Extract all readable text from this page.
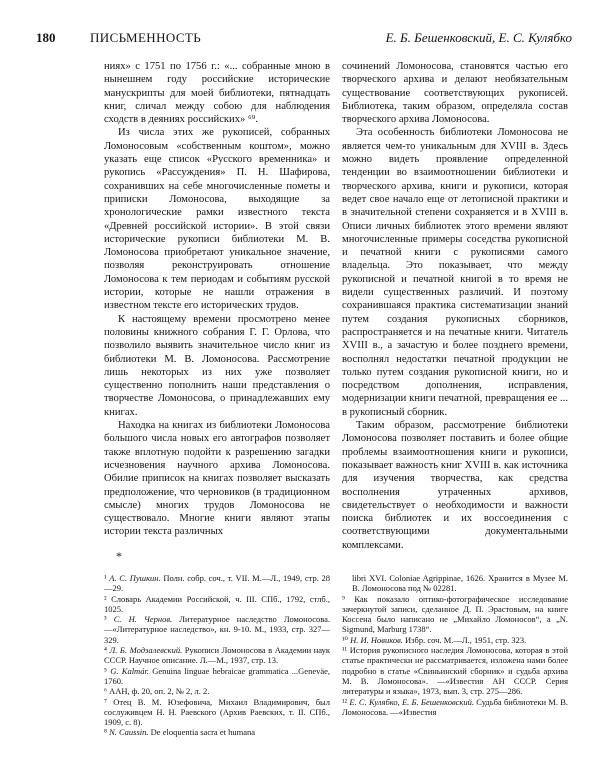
180	ПИСЬМЕННОСТЬ	Е. Б. Бешенковский, Е. С. Кулябко

ниях» с 1751 по 1756 г.: «... собранные мною в нынешнем году российские исторические манускрипты для моей библиотеки, пятнадцать книг, сличал между собою для наблюдения сходств в деяниях российских» ⁶⁹.

Из числа этих же рукописей, собранных Ломоносовым «собственным коштом», можно указать еще список «Русского временника» и рукопись «Рассуждения» П. Н. Шафирова, сохранивших на себе многочисленные пометы и приписки Ломоносова, выходящие за хронологические рамки известного текста «Древней российской истории». В этой связи исторические рукописи библиотеки М. В. Ломоносова приобретают уникальное значение, позволяя реконструировать отношение Ломоносова к тем периодам и событиям русской истории, которые не нашли отражения в известном тексте его исторических трудов.

К настоящему времени просмотрено менее половины книжного собрания Г. Г. Орлова, что позволило выявить значительное число книг из библиотеки М. В. Ломоносова. Рассмотрение лишь некоторых из них уже позволяет существенно пополнить наши представления о творчестве Ломоносова, о принадлежавших ему книгах.

Находка на книгах из библиотеки Ломоносова большого числа новых его автографов позволяет также вплотную подойти к разрешению загадки исчезновения научного архива Ломоносова. Обилие приписок на книгах позволяет высказать предположение, что черновиков (в традиционном смысле) многих трудов Ломоносова не существовало. Многие книги являют этапы истории текста различных

сочинений Ломоносова, становятся частью его творческого архива и делают необязательным существование соответствующих рукописей. Библиотека, таким образом, определяла состав творческого архива Ломоносова.

Эта особенность библиотеки Ломоносова не является чем-то уникальным для XVIII в. Здесь можно видеть проявление определенной тенденции во взаимоотношении библиотеки и творческого архива, книги и рукописи, которая ведет свое начало еще от летописной практики и в значительной степени сохраняется и в XVIII в. Описи личных библиотек этого времени являют многочисленные примеры соседства рукописной и печатной книги с рукописями самого владельца. Это показывает, что между рукописной и печатной книгой в то время не видели существенных различий. И поэтому сохранившаяся практика систематизации знаний путем создания рукописных сборников, распространяется и на печатные книги. Читатель XVIII в., а зачастую и более позднего времени, восполнял недостатки печатной продукции не только путем создания рукописной книги, но и посредством дополнения, исправления, модернизации книги печатной, превращения ее ... в рукописный сборник.

Таким образом, рассмотрение библиотеки Ломоносова позволяет поставить и более общие проблемы взаимоотношения книги и рукописи, показывает важность книг XVIII в. как источника для изучения творчества, как средства восполнения утраченных архивов, свидетельствует о необходимости и важности поиска библиотек и их воссоединения с соответствующими документальными комплексами.

*
¹ А. С. Пушкин. Полн. собр. соч., т. VII. М.—Л., 1949, стр. 28—29.
² Словарь Академии Российской, ч. III. СПб., 1792, стлб., 1025.
³ С. Н. Чернов. Литературное наследство Ломоносова. —«Литературное наследство», кн. 9-10. М., 1933, стр. 327—329.
⁴ Л. Б. Модзалевский. Рукописи Ломоносова в Академии наук СССР. Научное описание. Л.—М., 1937, стр. 13.
⁵ G. Kalmár. Genuina linguae hebraicae grammatica ...Geneväe, 1760.
⁶ ААН, ф. 20, оп. 2, № 2, л. 2.
⁷ Отец В. М. Юзефовича, Михаил Владимирович, был сослуживцем Н. Н. Раевского (Архив Раевских, т. II. СПб., 1909, с. 8).
⁸ N. Caussin. De eloquentia sacra et humana
libri XVI. Coloniae Agrippinae, 1626. Хранится в Музее М. В. Ломоносова под № 02281.
⁹ Как показало оптико-фотографическое исследование зачеркнутой записи, сделанное Д. П. Эрастовым, на книге Коссена было написано не „Михайло Ломоносов“, а „N. Sigmund, Marburg 1738“.
¹⁰ Н. И. Новиков. Избр. соч. М.—Л., 1951, стр. 323.
¹¹ История рукописного наследия Ломоносова, которая в этой статье практически не рассматривается, изложена нами более подробно в статье «Свиньинский сборник» и судьба архива М. В. Ломоносова». —«Известия АН СССР. Серия литературы и языка», 1973, вып. 3, стр. 275—286.
¹² Е. С. Кулябко, Е. Б. Бешенковский. Судьба библиотеки М. В. Ломоносова. —«Известия
